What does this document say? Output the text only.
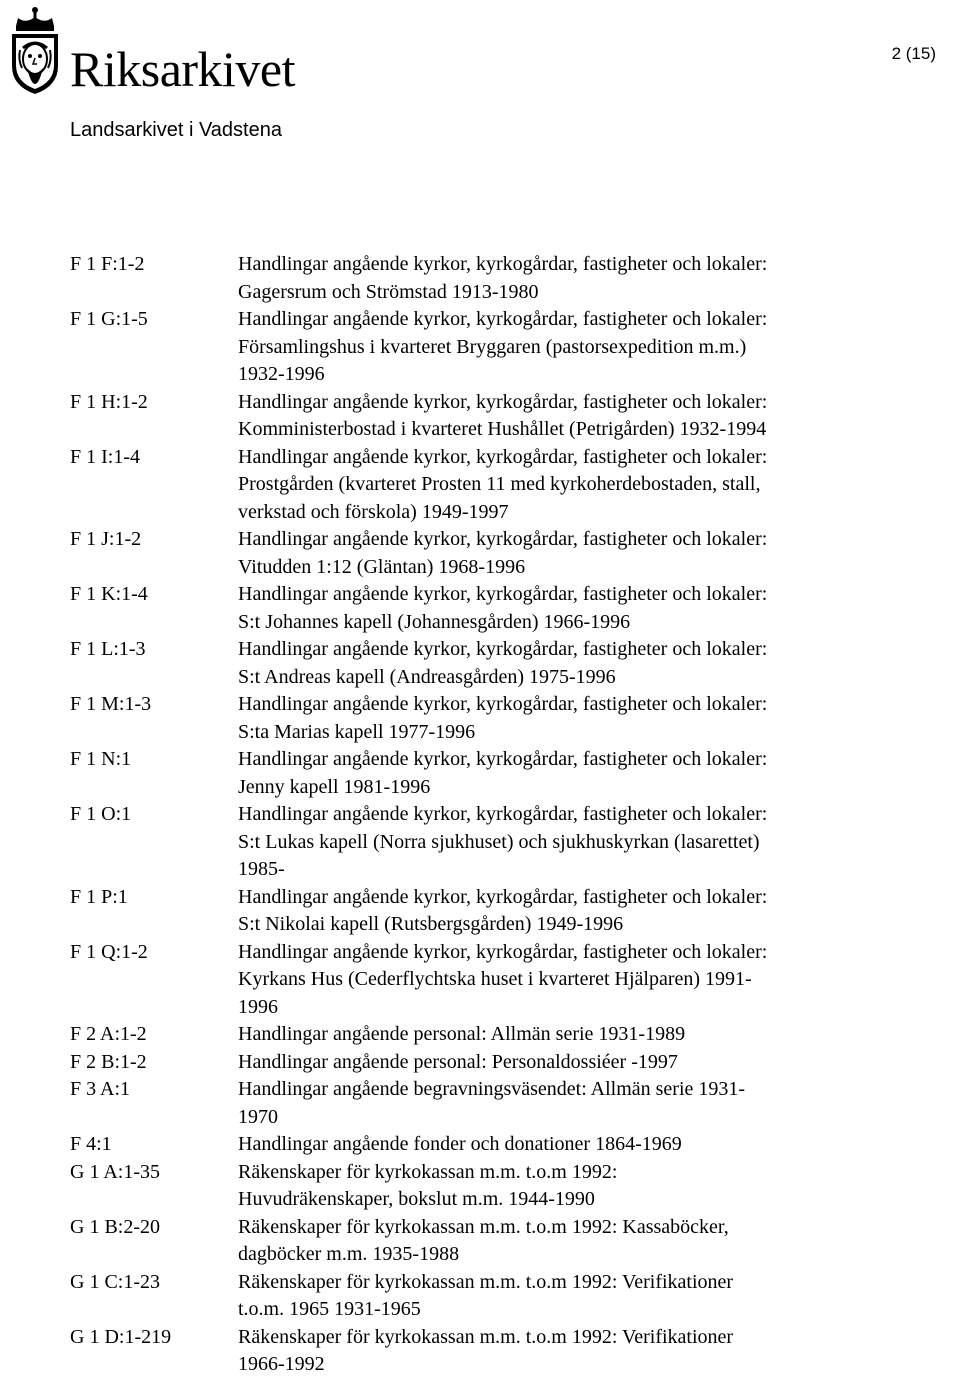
Riksarkivet
Landsarkivet i Vadstena
2 (15)
F 1 F:1-2	Handlingar angående kyrkor, kyrkogårdar, fastigheter och lokaler:
Gagersrum och Strömstad 1913-1980
F 1 G:1-5	Handlingar angående kyrkor, kyrkogårdar, fastigheter och lokaler:
Församlingshus i kvarteret Bryggaren (pastorsexpedition m.m.)
1932-1996
F 1 H:1-2	Handlingar angående kyrkor, kyrkogårdar, fastigheter och lokaler:
Komministerbostad i kvarteret Hushållet (Petrigården) 1932-1994
F 1 I:1-4	Handlingar angående kyrkor, kyrkogårdar, fastigheter och lokaler:
Prostgården (kvarteret Prosten 11 med kyrkoherdebostaden, stall,
verkstad och förskola) 1949-1997
F 1 J:1-2	Handlingar angående kyrkor, kyrkogårdar, fastigheter och lokaler:
Vitudden 1:12 (Gläntan) 1968-1996
F 1 K:1-4	Handlingar angående kyrkor, kyrkogårdar, fastigheter och lokaler:
S:t Johannes kapell (Johannesgården) 1966-1996
F 1 L:1-3	Handlingar angående kyrkor, kyrkogårdar, fastigheter och lokaler:
S:t Andreas kapell (Andreasgården) 1975-1996
F 1 M:1-3	Handlingar angående kyrkor, kyrkogårdar, fastigheter och lokaler:
S:ta Marias kapell 1977-1996
F 1 N:1	Handlingar angående kyrkor, kyrkogårdar, fastigheter och lokaler:
Jenny kapell 1981-1996
F 1 O:1	Handlingar angående kyrkor, kyrkogårdar, fastigheter och lokaler:
S:t Lukas kapell (Norra sjukhuset) och sjukhuskyrkan (lasarettet)
1985-
F 1 P:1	Handlingar angående kyrkor, kyrkogårdar, fastigheter och lokaler:
S:t Nikolai kapell (Rutsbergsgården) 1949-1996
F 1 Q:1-2	Handlingar angående kyrkor, kyrkogårdar, fastigheter och lokaler:
Kyrkans Hus (Cederflychtska huset i kvarteret Hjälparen) 1991-
1996
F 2 A:1-2	Handlingar angående personal: Allmän serie 1931-1989
F 2 B:1-2	Handlingar angående personal: Personaldossiéer -1997
F 3 A:1	Handlingar angående begravningsväsendet: Allmän serie 1931-
1970
F 4:1	Handlingar angående fonder och donationer 1864-1969
G 1 A:1-35	Räkenskaper för kyrkokassan m.m. t.o.m 1992:
Huvudräkenskaper, bokslut m.m. 1944-1990
G 1 B:2-20	Räkenskaper för kyrkokassan m.m. t.o.m 1992: Kassaböcker,
dagböcker m.m. 1935-1988
G 1 C:1-23	Räkenskaper för kyrkokassan m.m. t.o.m 1992: Verifikationer
t.o.m. 1965 1931-1965
G 1 D:1-219	Räkenskaper för kyrkokassan m.m. t.o.m 1992: Verifikationer
1966-1992
